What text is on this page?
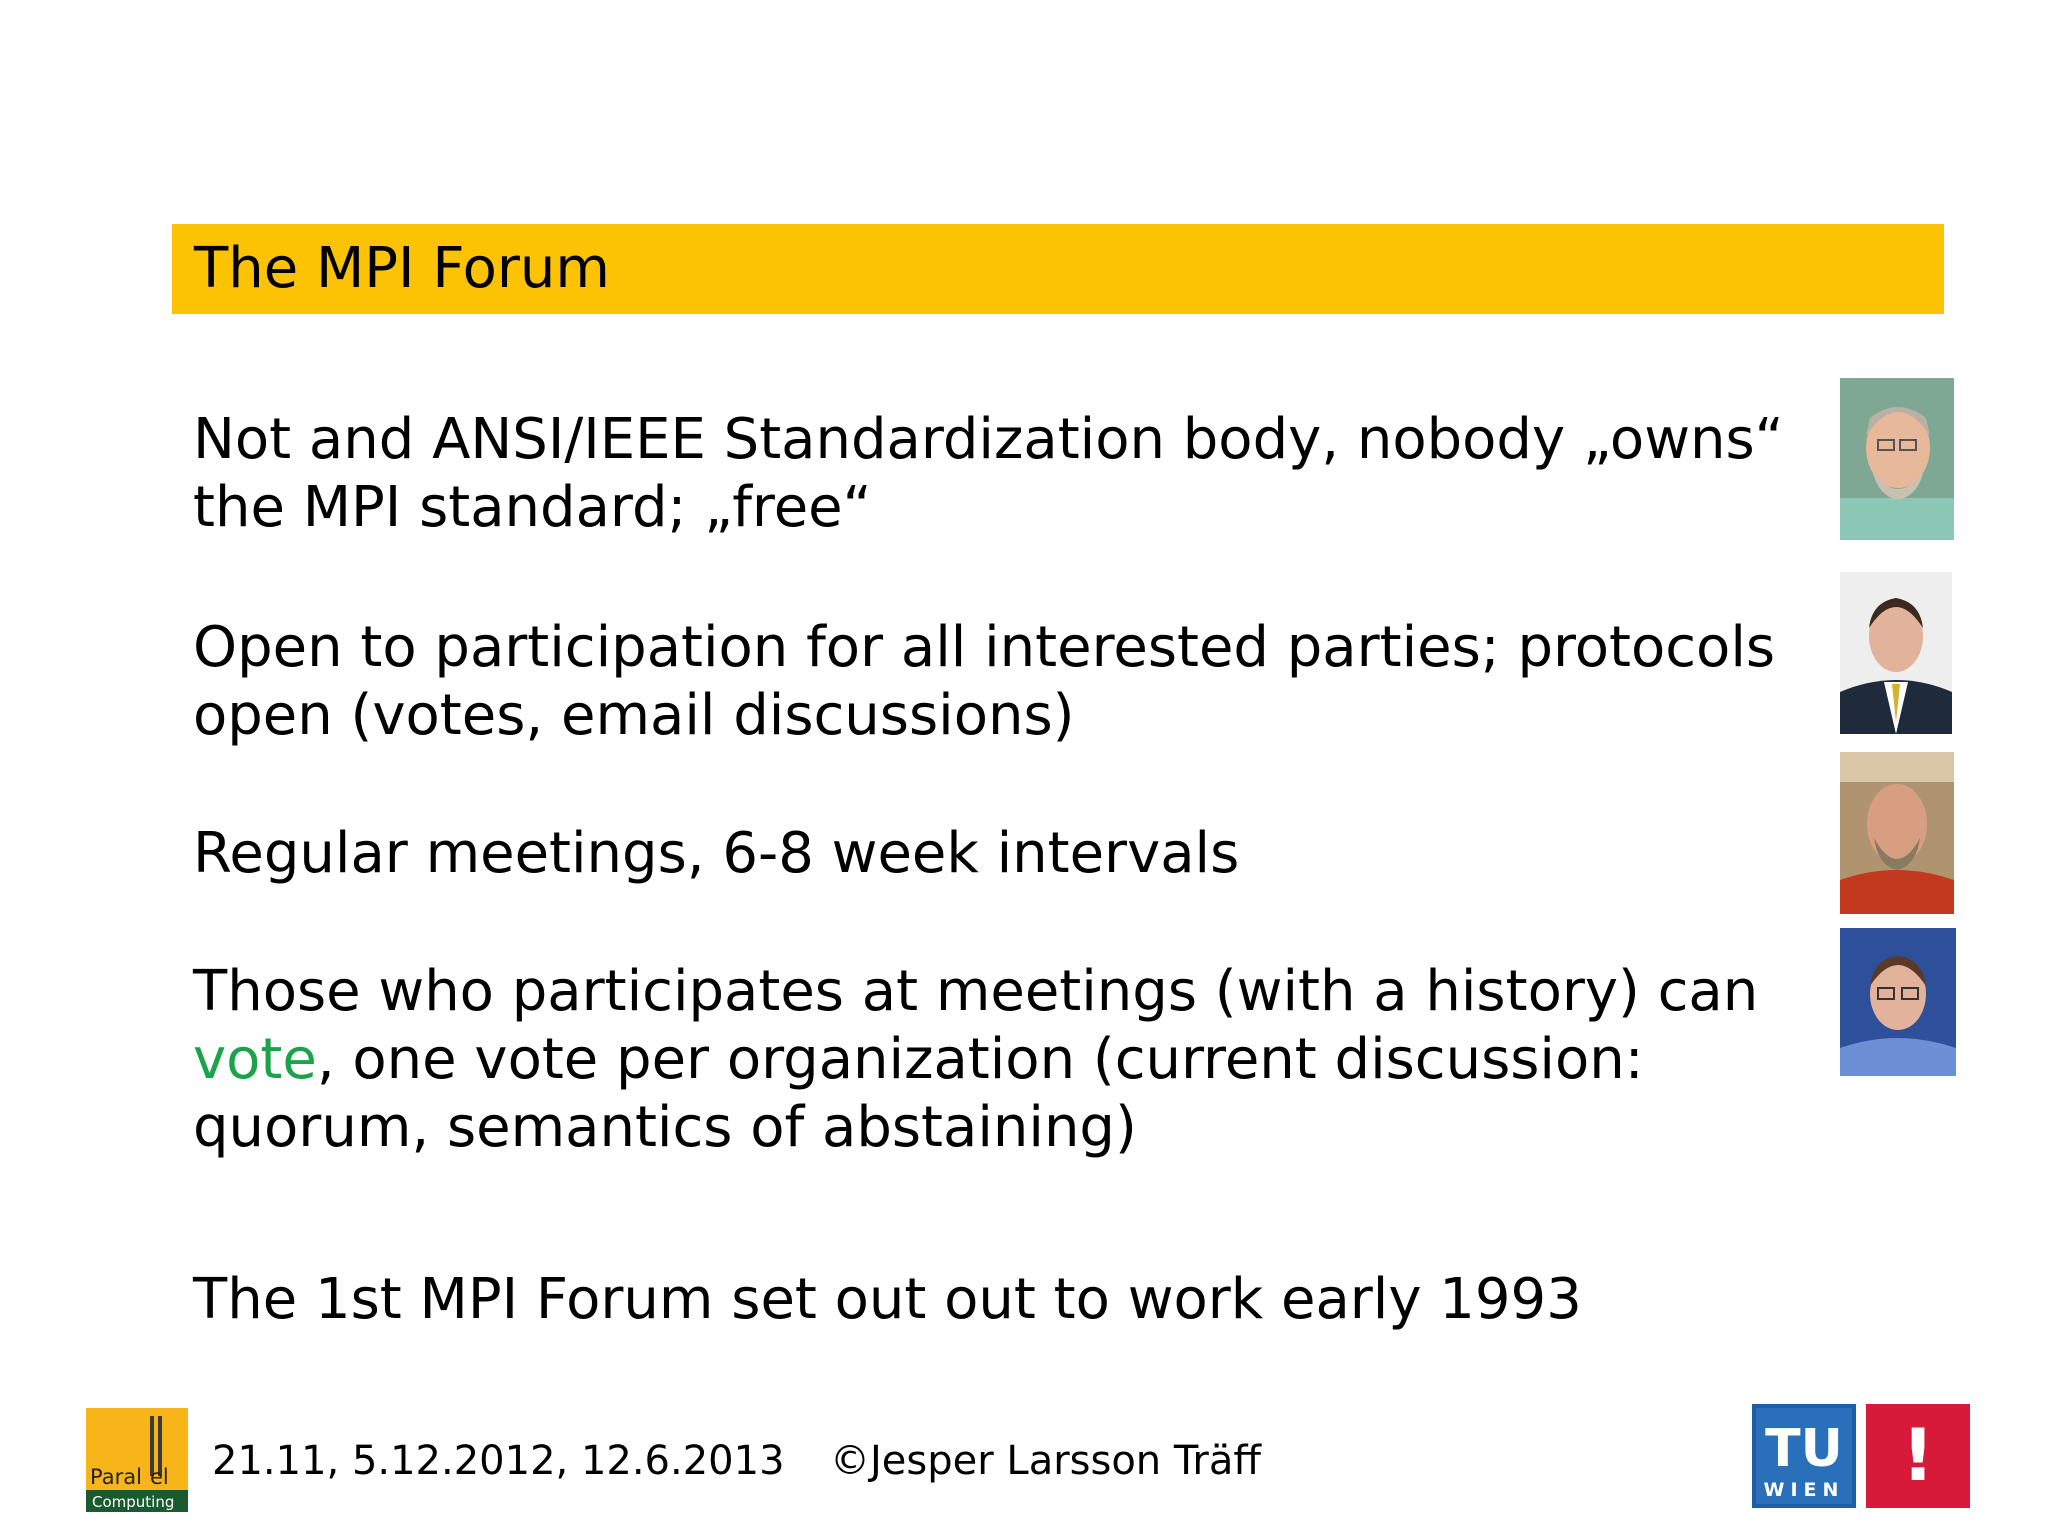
The MPI Forum
Not and ANSI/IEEE Standardization body, nobody „owns“
the MPI standard; „free“
Open to participation for all interested parties; protocols
open (votes, email discussions)
Regular meetings, 6-8 week intervals
Those who participates at meetings (with a history) can
vote, one vote per organization (current discussion:
quorum, semantics of abstaining)
The 1st MPI Forum set out out to work early 1993
Paral el
Computing
21.11, 5.12.2012, 12.6.2013 ©Jesper Larsson Träff	TU
WIEN !
